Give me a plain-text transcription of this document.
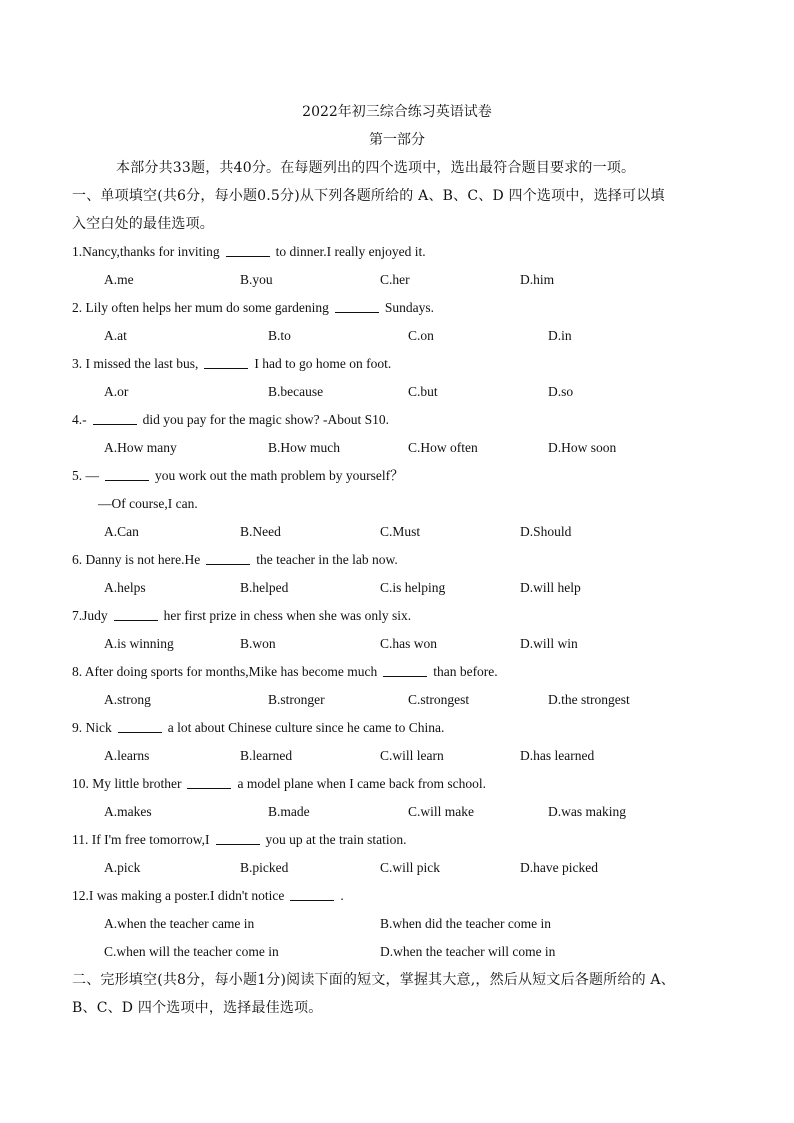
2022年初三综合练习英语试卷
第一部分
本部分共33题，共40分。在每题列出的四个选项中，选出最符合题目要求的一项。
一、单项填空(共6分，每小题0.5分)从下列各题所给的 A、B、C、D 四个选项中，选择可以填
入空白处的最佳选项。
1.Nancy,thanks for inviting	to dinner.I really enjoyed it.
A.me	B.you	C.her	D.him
2. Lily often helps her mum do some gardening	Sundays.
A.at	B.to	C.on	D.in
3. I missed the last bus,	I had to go home on foot.
A.or	B.because	C.but	D.so
4.-	did you pay for the magic show? -About S10.
A.How many	B.How much	C.How often	D.How soon
5. —	you work out the math problem by yourself？
—Of course,I can.
A.Can	B.Need	C.Must	D.Should
6. Danny is not here.He	the teacher in the lab now.
A.helps	B.helped	C.is helping	D.will help
7.Judy	her first prize in chess when she was only six.
A.is winning	B.won	C.has won	D.will win
8. After doing sports for months,Mike has become much	than before.
A.strong	B.stronger	C.strongest	D.the strongest
9. Nick	a lot about Chinese culture since he came to China.
A.learns	B.learned	C.will learn	D.has learned
10. My little brother	a model plane when I came back from school.
A.makes	B.made	C.will make	D.was making
11. If I'm free tomorrow,I	you up at the train station.
A.pick	B.picked	C.will pick	D.have picked
12.I was making a poster.I didn't notice	.
A.when the teacher came in	B.when did the teacher come in
C.when will the teacher come in	D.when the teacher will come in
二、完形填空(共8分，每小题1分)阅读下面的短文，掌握其大意,，然后从短文后各题所给的 A、
B、C、D 四个选项中，选择最佳选项。
